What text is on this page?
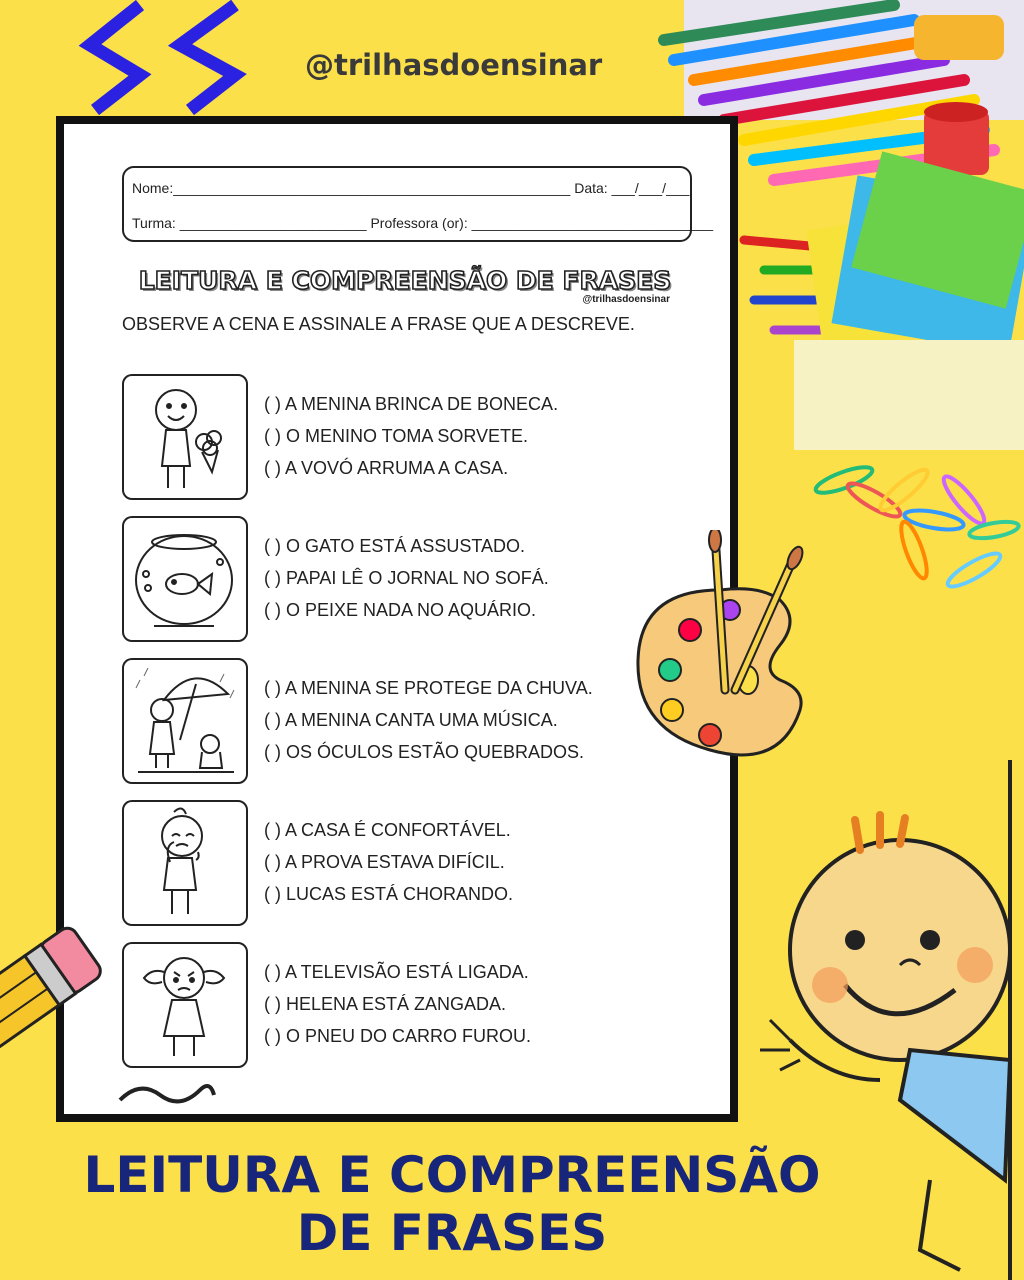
@trilhasdoensinar
Nome:___________________________________________________ Data: ___/___/___
Turma: ________________________ Professora (or): _______________________________
LEITURA E COMPREENSÃO DE FRASES
@trilhasdoensinar
OBSERVE A CENA E ASSINALE A FRASE QUE A DESCREVE.
( ) A MENINA BRINCA DE BONECA.
( ) O MENINO TOMA SORVETE.
( ) A VOVÓ ARRUMA A CASA.
( ) O GATO ESTÁ ASSUSTADO.
( ) PAPAI LÊ O JORNAL NO SOFÁ.
( ) O PEIXE NADA NO AQUÁRIO.
( ) A MENINA SE PROTEGE DA CHUVA.
( ) A MENINA CANTA UMA MÚSICA.
( ) OS ÓCULOS ESTÃO QUEBRADOS.
( ) A CASA É CONFORTÁVEL.
( ) A PROVA ESTAVA DIFÍCIL.
( ) LUCAS ESTÁ CHORANDO.
( ) A TELEVISÃO ESTÁ LIGADA.
( ) HELENA ESTÁ ZANGADA.
( ) O PNEU DO CARRO FUROU.
LEITURA E COMPREENSÃO
DE FRASES
